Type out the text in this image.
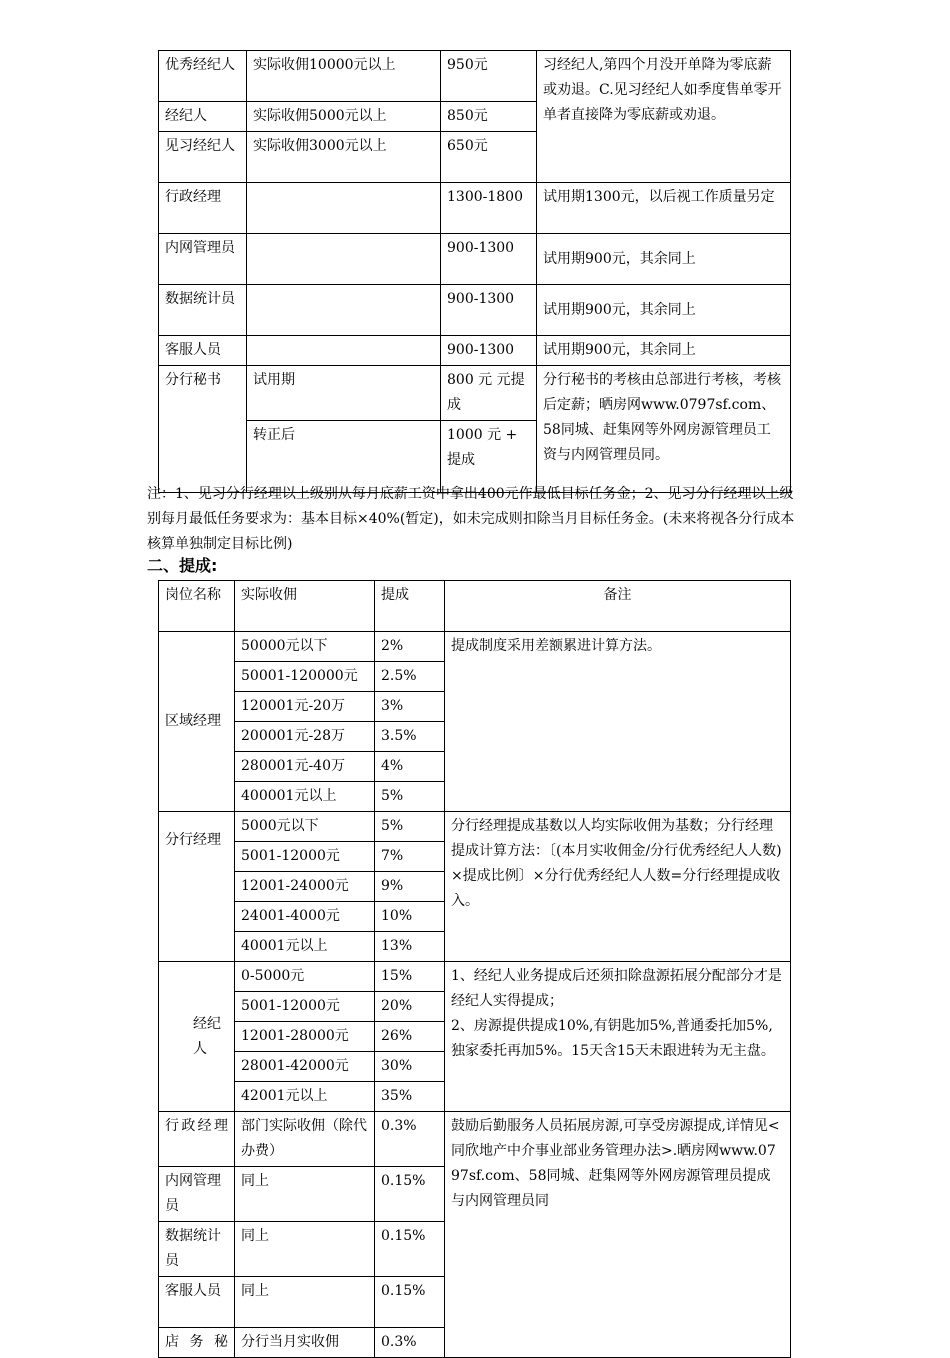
优秀经纪人	实际收佣10000元以上	950元	习经纪人,第四个月没开单降为零底薪或劝退。C.见习经纪人如季度售单零开单者直接降为零底薪或劝退。
经纪人	实际收佣5000元以上	850元	
见习经纪人	实际收佣3000元以上	650元	
行政经理		1300-1800	试用期1300元，以后视工作质量另定
内网管理员		900-1300	试用期900元，其余同上
数据统计员		900-1300	试用期900元，其余同上
客服人员		900-1300	试用期900元，其余同上
分行秘书	试用期	800 元 元提成	分行秘书的考核由总部进行考核，考核后定薪；晒房网www.0797sf.com、58同城、赶集网等外网房源管理员工资与内网管理员同。
	转正后	1000 元 + 提成	
注：1、见习分行经理以上级别从每月底薪工资中拿出400元作最低目标任务金；2、见习分行经理以上级别每月最低任务要求为：基本目标×40%(暂定)，如未完成则扣除当月目标任务金。(未来将视各分行成本核算单独制定目标比例)
二、提成:
岗位名称	实际收佣	提成	备注
区域经理	50000元以下	2%	提成制度采用差额累进计算方法。
	50001-120000元	2.5%	
	120001元-20万	3%	
	200001元-28万	3.5%	
	280001元-40万	4%	
	400001元以上	5%	
分行经理	5000元以下	5%	分行经理提成基数以人均实际收佣为基数；分行经理提成计算方法：〔(本月实收佣金/分行优秀经纪人人数)×提成比例〕×分行优秀经纪人人数=分行经理提成收入。
	5001-12000元	7%	
	12001-24000元	9%	
	24001-4000元	10%	
	40001元以上	13%	
经纪人	0-5000元	15%	1、经纪人业务提成后还须扣除盘源拓展分配部分才是经纪人实得提成；
2、房源提供提成10%,有钥匙加5%,普通委托加5%,独家委托再加5%。15天含15天未跟进转为无主盘。

	5001-12000元	20%	
	12001-28000元	26%	
	28001-42000元	30%	
	42001元以上	35%	
行政经理	部门实际收佣（除代办费）	0.3%	鼓励后勤服务人员拓展房源,可享受房源提成,详情见<同欣地产中介事业部业务管理办法>.晒房网www.0797sf.com、58同城、赶集网等外网房源管理员提成与内网管理员同
内网管理员	同上	0.15%	
数据统计员	同上	0.15%	
客服人员	同上	0.15%	
店务秘	分行当月实收佣	0.3%	
